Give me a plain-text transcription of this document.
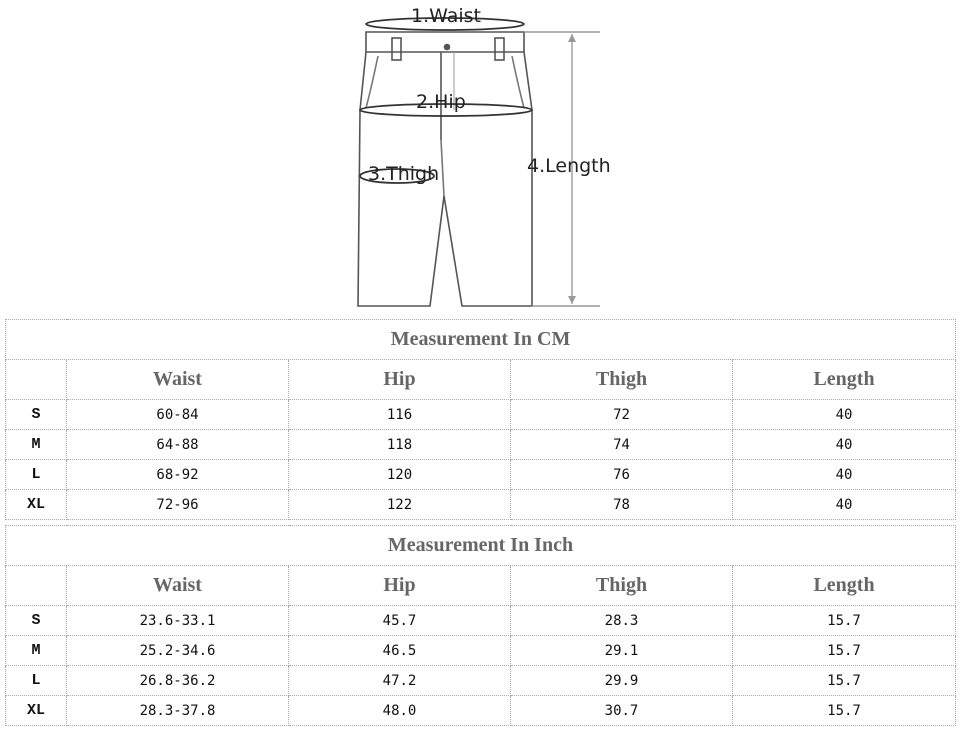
1.Waist
2.Hip
3.Thigh	4.Length
Measurement In CM				
	Waist	Hip	Thigh	Length
S	60-84	116	72	40
M	64-88	118	74	40
L	68-92	120	76	40
XL	72-96	122	78	40
Measurement In Inch				
	Waist	Hip	Thigh	Length
S	23.6-33.1	45.7	28.3	15.7
M	25.2-34.6	46.5	29.1	15.7
L	26.8-36.2	47.2	29.9	15.7
XL	28.3-37.8	48.0	30.7	15.7
